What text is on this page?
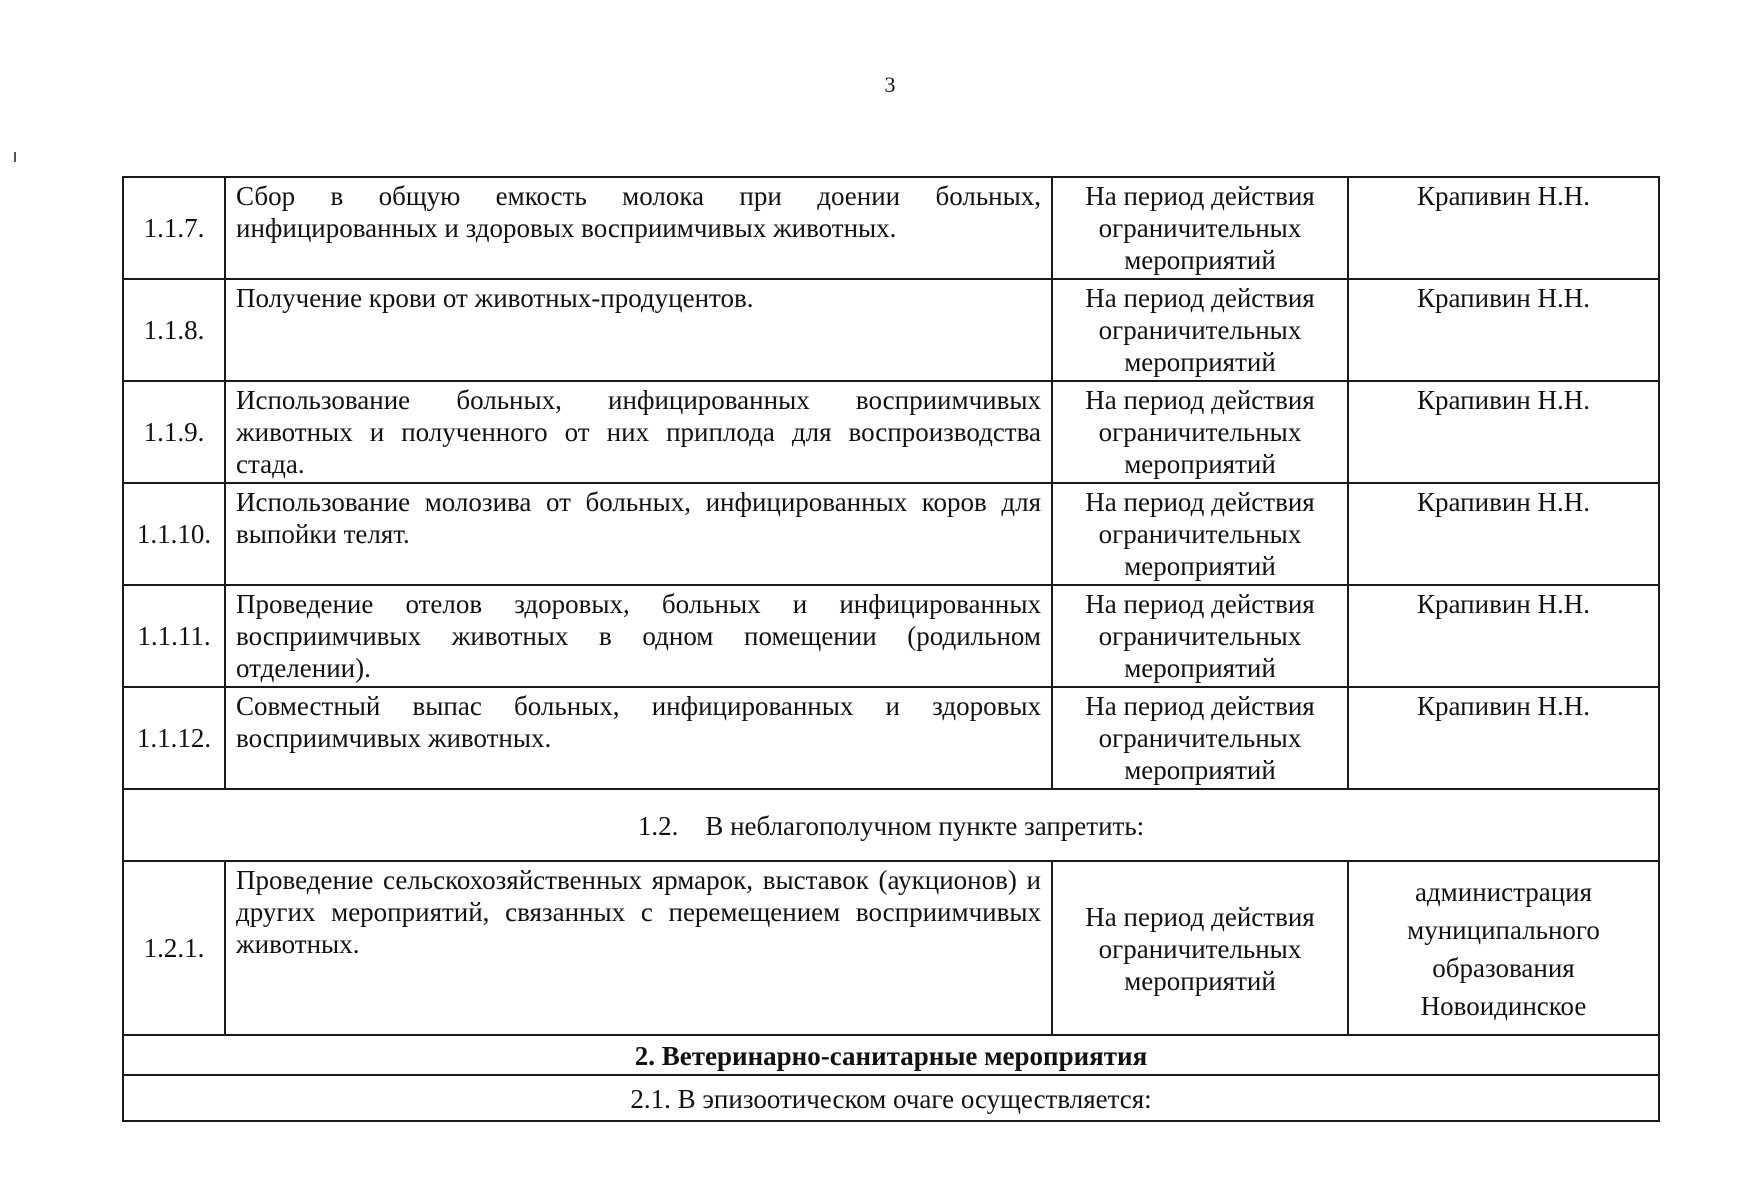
3
1.1.7.	Сбор в общую емкость молока при доении больных, инфицированных и здоровых восприимчивых животных.	На период действия ограничительных мероприятий	Крапивин Н.Н.
1.1.8.	Получение крови от животных-продуцентов.	На период действия ограничительных мероприятий	Крапивин Н.Н.
1.1.9.	Использование больных, инфицированных восприимчивых животных и полученного от них приплода для воспроизводства стада.	На период действия ограничительных мероприятий	Крапивин Н.Н.
1.1.10.	Использование молозива от больных, инфицированных коров для выпойки телят.	На период действия ограничительных мероприятий	Крапивин Н.Н.
1.1.11.	Проведение отелов здоровых, больных и инфицированных восприимчивых животных в одном помещении (родильном отделении).	На период действия ограничительных мероприятий	Крапивин Н.Н.
1.1.12.	Совместный выпас больных, инфицированных и здоровых восприимчивых животных.	На период действия ограничительных мероприятий	Крапивин Н.Н.
1.2.    В неблагополучном пункте запретить:			
1.2.1.	Проведение сельскохозяйственных ярмарок, выставок (аукционов) и других мероприятий, связанных с перемещением восприимчивых животных.	На период действия ограничительных мероприятий	администрация муниципального образования Новоидинское
2. Ветеринарно-санитарные мероприятия			
2.1. В эпизоотическом очаге осуществляется:			
